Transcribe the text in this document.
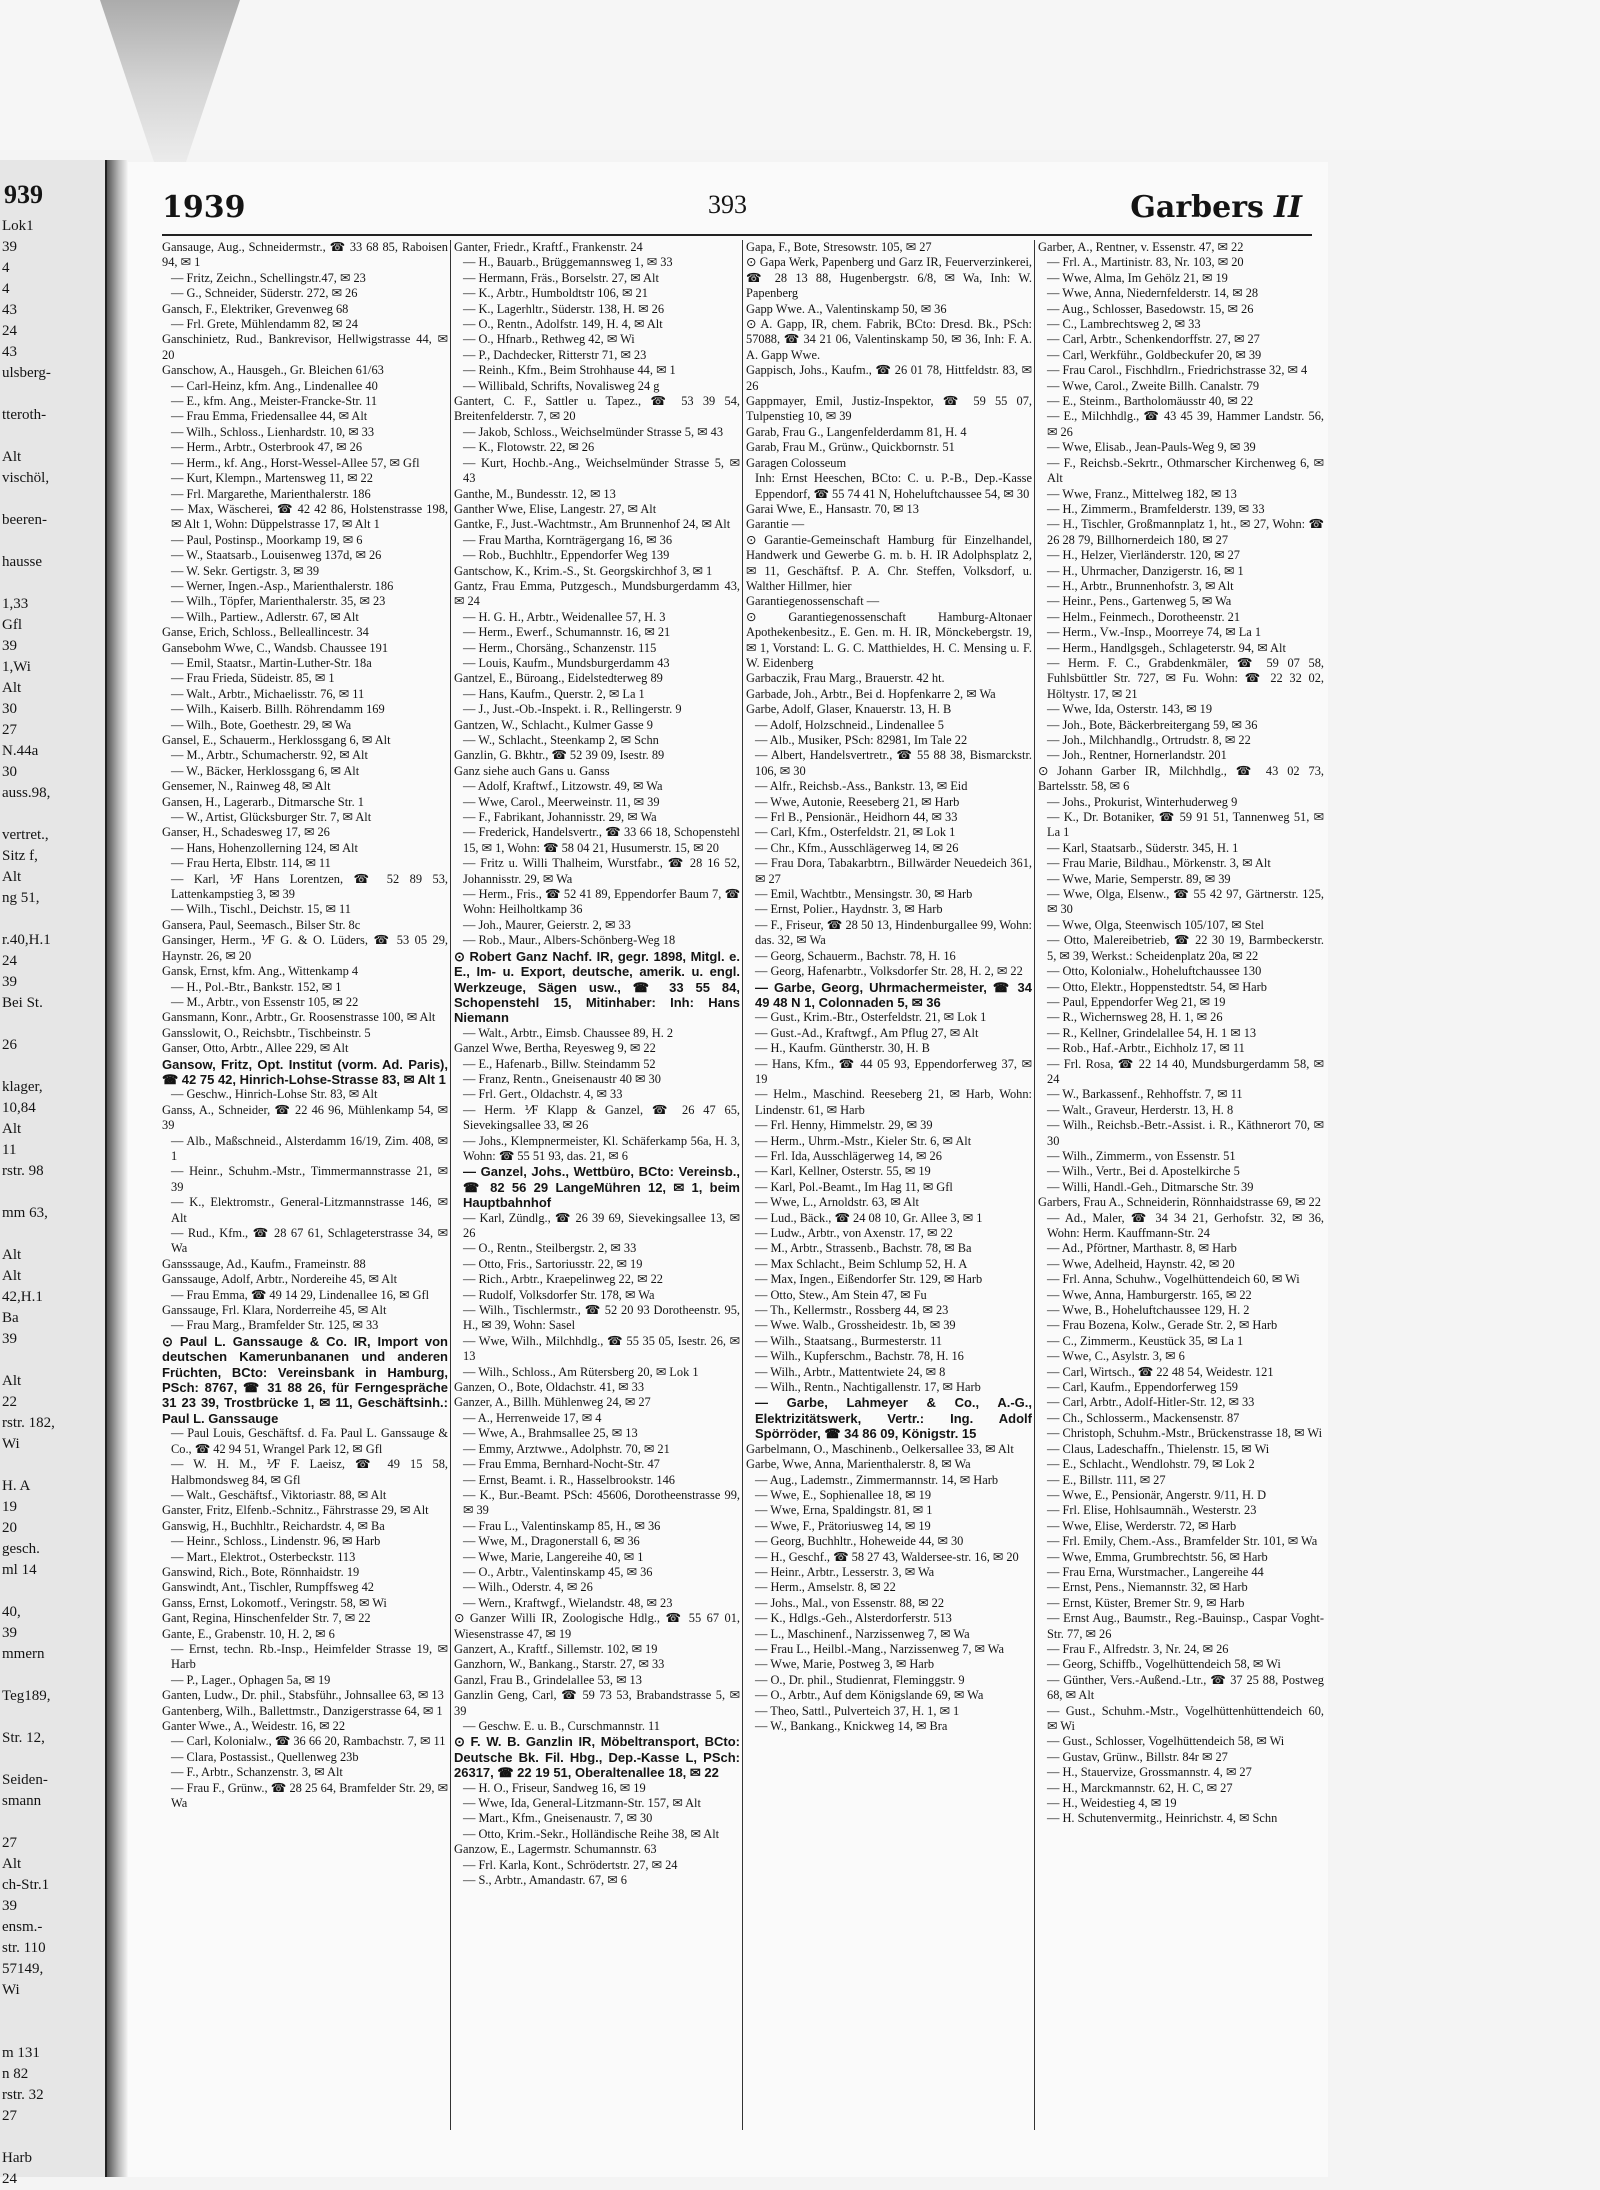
939
Lok1
39
4
4
43
24
43
ulsberg-
tteroth-
Alt
vischöl,
beeren-
hausse
1,33
Gfl
39
1,Wi
Alt
30
27
N.44a
30
auss.98,
vertret.,
Sitz f,
Alt
ng 51,
r.40,H.1
24
39
Bei St.
26
klager,
10,84
Alt
11
rstr. 98
mm 63,
Alt
Alt
42,H.1
Ba
39
Alt
22
rstr. 182,
Wi
H. A
19
20
gesch.
ml 14
40,
39
mmern
Teg189,
Str. 12,
Seiden-
smann
27
Alt
ch-Str.1
39
ensm.-
str. 110
57149,
Wi
m 131
n 82
rstr. 32
27
Harb
24
1939	393	Garbers II
Gansauge, Aug., Schneidermstr., ☎ 33 68 85, Raboisen 94, ✉ 1
— Fritz, Zeichn., Schellingstr.47, ✉ 23
— G., Schneider, Süderstr. 272, ✉ 26
Gansch, F., Elektriker, Grevenweg 68
— Frl. Grete, Mühlendamm 82, ✉ 24
Ganschinietz, Rud., Bankrevisor, Hellwigstrasse 44, ✉ 20
Ganschow, A., Hausgeh., Gr. Bleichen 61/63
— Carl-Heinz, kfm. Ang., Lindenallee 40
— E., kfm. Ang., Meister-Francke-Str. 11
— Frau Emma, Friedensallee 44, ✉ Alt
— Wilh., Schloss., Lienhardstr. 10, ✉ 33
— Herm., Arbtr., Osterbrook 47, ✉ 26
— Herm., kf. Ang., Horst-Wessel-Allee 57, ✉ Gfl
— Kurt, Klempn., Martensweg 11, ✉ 22
— Frl. Margarethe, Marienthalerstr. 186
— Max, Wäscherei, ☎ 42 42 86, Holstenstrasse 198, ✉ Alt 1, Wohn: Düppelstrasse 17, ✉ Alt 1
— Paul, Postinsp., Moorkamp 19, ✉ 6
— W., Staatsarb., Louisenweg 137d, ✉ 26
— W. Sekr. Gertigstr. 3, ✉ 39
— Werner, Ingen.-Asp., Marienthalerstr. 186
— Wilh., Töpfer, Marienthalerstr. 35, ✉ 23
— Wilh., Partiew., Adlerstr. 67, ✉ Alt
Ganse, Erich, Schloss., Belleallincestr. 34
Gansebohm Wwe, C., Wandsb. Chaussee 191
— Emil, Staatsr., Martin-Luther-Str. 18a
— Frau Frieda, Südeistr. 85, ✉ 1
— Walt., Arbtr., Michaelisstr. 76, ✉ 11
— Wilh., Kaiserb. Billh. Röhrendamm 169
— Wilh., Bote, Goethestr. 29, ✉ Wa
Gansel, E., Schauerm., Herklossgang 6, ✉ Alt
— M., Arbtr., Schumacherstr. 92, ✉ Alt
— W., Bäcker, Herklossgang 6, ✉ Alt
Gensemer, N., Rainweg 48, ✉ Alt
Gansen, H., Lagerarb., Ditmarsche Str. 1
— W., Artist, Glücksburger Str. 7, ✉ Alt
Ganser, H., Schadesweg 17, ✉ 26
— Hans, Hohenzollerning 124, ✉ Alt
— Frau Herta, Elbstr. 114, ✉ 11
— Karl, ⅟F Hans Lorentzen, ☎ 52 89 53, Lattenkampstieg 3, ✉ 39
— Wilh., Tischl., Deichstr. 15, ✉ 11
Gansera, Paul, Seemasch., Bilser Str. 8c
Gansinger, Herm., ⅟F G. & O. Lüders, ☎ 53 05 29, Haynstr. 26, ✉ 20
Gansk, Ernst, kfm. Ang., Wittenkamp 4
— H., Pol.-Btr., Bankstr. 152, ✉ 1
— M., Arbtr., von Essenstr 105, ✉ 22
Gansmann, Konr., Arbtr., Gr. Roosenstrasse 100, ✉ Alt
Gansslowit, O., Reichsbtr., Tischbeinstr. 5
Ganser, Otto, Arbtr., Allee 229, ✉ Alt
Gansow, Fritz, Opt. Institut (vorm. Ad. Paris), ☎ 42 75 42, Hinrich-Lohse-Strasse 83, ✉ Alt 1
— Geschw., Hinrich-Lohse Str. 83, ✉ Alt
Ganss, A., Schneider, ☎ 22 46 96, Mühlenkamp 54, ✉ 39
— Alb., Maßschneid., Alsterdamm 16/19, Zim. 408, ✉ 1
— Heinr., Schuhm.-Mstr., Timmermannstrasse 21, ✉ 39
— K., Elektromstr., General-Litzmannstrasse 146, ✉ Alt
— Rud., Kfm., ☎ 28 67 61, Schlageterstrasse 34, ✉ Wa
Gansssauge, Ad., Kaufm., Frameinstr. 88
Ganssauge, Adolf, Arbtr., Nordereihe 45, ✉ Alt
— Frau Emma, ☎ 49 14 29, Lindenallee 16, ✉ Gfl
Ganssauge, Frl. Klara, Norderreihe 45, ✉ Alt
— Frau Marg., Bramfelder Str. 125, ✉ 33
⊙ Paul L. Ganssauge & Co. IR, Import von deutschen Kamerunbananen und anderen Früchten, BCto: Vereinsbank in Hamburg, PSch: 8767, ☎ 31 88 26, für Ferngespräche 31 23 39, Trostbrücke 1, ✉ 11, Geschäftsinh.: Paul L. Ganssauge
— Paul Louis, Geschäftsf. d. Fa. Paul L. Ganssauge & Co., ☎ 42 94 51, Wrangel Park 12, ✉ Gfl
— W. H. M., ⅟F F. Laeisz, ☎ 49 15 58, Halbmondsweg 84, ✉ Gfl
— Walt., Geschäftsf., Viktoriastr. 88, ✉ Alt
Ganster, Fritz, Elfenb.-Schnitz., Fährstrasse 29, ✉ Alt
Ganswig, H., Buchhltr., Reichardstr. 4, ✉ Ba
— Heinr., Schloss., Lindenstr. 96, ✉ Harb
— Mart., Elektrot., Osterbeckstr. 113
Ganswind, Rich., Bote, Rönnhaidstr. 19
Ganswindt, Ant., Tischler, Rumpffsweg 42
Ganss, Ernst, Lokomotf., Veringstr. 58, ✉ Wi
Gant, Regina, Hinschenfelder Str. 7, ✉ 22
Gante, E., Grabenstr. 10, H. 2, ✉ 6
— Ernst, techn. Rb.-Insp., Heimfelder Strasse 19, ✉ Harb
— P., Lager., Ophagen 5a, ✉ 19
Ganten, Ludw., Dr. phil., Stabsführ., Johnsallee 63, ✉ 13
Gantenberg, Wilh., Ballettmstr., Danzigerstrasse 64, ✉ 1
Ganter Wwe., A., Weidestr. 16, ✉ 22
— Carl, Kolonialw., ☎ 36 66 20, Rambachstr. 7, ✉ 11
— Clara, Postassist., Quellenweg 23b
— F., Arbtr., Schanzenstr. 3, ✉ Alt
— Frau F., Grünw., ☎ 28 25 64, Bramfelder Str. 29, ✉ Wa
Ganter, Friedr., Kraftf., Frankenstr. 24
— H., Bauarb., Brüggemannsweg 1, ✉ 33
— Hermann, Fräs., Borselstr. 27, ✉ Alt
— K., Arbtr., Humboldtstr 106, ✉ 21
— K., Lagerhltr., Süderstr. 138, H. ✉ 26
— O., Rentn., Adolfstr. 149, H. 4, ✉ Alt
— O., Hfnarb., Rethweg 42, ✉ Wi
— P., Dachdecker, Ritterstr 71, ✉ 23
— Reinh., Kfm., Beim Strohhause 44, ✉ 1
— Willibald, Schrifts, Novalisweg 24 g
Gantert, C. F., Sattler u. Tapez., ☎ 53 39 54, Breitenfelderstr. 7, ✉ 20
— Jakob, Schloss., Weichselmünder Strasse 5, ✉ 43
— K., Flotowstr. 22, ✉ 26
— Kurt, Hochb.-Ang., Weichselmünder Strasse 5, ✉ 43
Ganthe, M., Bundesstr. 12, ✉ 13
Ganther Wwe, Elise, Langestr. 27, ✉ Alt
Gantke, F., Just.-Wachtmstr., Am Brunnenhof 24, ✉ Alt
— Frau Martha, Kornträgergang 16, ✉ 36
— Rob., Buchhltr., Eppendorfer Weg 139
Gantschow, K., Krim.-S., St. Georgskirchhof 3, ✉ 1
Gantz, Frau Emma, Putzgesch., Mundsburgerdamm 43, ✉ 24
— H. G. H., Arbtr., Weidenallee 57, H. 3
— Herm., Ewerf., Schumannstr. 16, ✉ 21
— Herm., Chorsäng., Schanzenstr. 115
— Louis, Kaufm., Mundsburgerdamm 43
Gantzel, E., Büroang., Eidelstedterweg 89
— Hans, Kaufm., Querstr. 2, ✉ La 1
— J., Just.-Ob.-Inspekt. i. R., Rellingerstr. 9
Gantzen, W., Schlacht., Kulmer Gasse 9
— W., Schlacht., Steenkamp 2, ✉ Schn
Ganzlin, G. Bkhtr., ☎ 52 39 09, Isestr. 89
Ganz siehe auch Gans u. Ganss
— Adolf, Kraftwf., Litzowstr. 49, ✉ Wa
— Wwe, Carol., Meerweinstr. 11, ✉ 39
— F., Fabrikant, Johannisstr. 29, ✉ Wa
— Frederick, Handelsvertr., ☎ 33 66 18, Schopenstehl 15, ✉ 1, Wohn: ☎ 58 04 21, Husumerstr. 15, ✉ 20
— Fritz u. Willi Thalheim, Wurstfabr., ☎ 28 16 52, Johannisstr. 29, ✉ Wa
— Herm., Fris., ☎ 52 41 89, Eppendorfer Baum 7, ☎ Wohn: Heilholtkamp 36
— Joh., Maurer, Geierstr. 2, ✉ 33
— Rob., Maur., Albers-Schönberg-Weg 18
⊙ Robert Ganz Nachf. IR, gegr. 1898, Mitgl. e. E., Im- u. Export, deutsche, amerik. u. engl. Werkzeuge, Sägen usw., ☎ 33 55 84, Schopenstehl 15, Mitinhaber: Inh: Hans Niemann
— Walt., Arbtr., Eimsb. Chaussee 89, H. 2
Ganzel Wwe, Bertha, Reyesweg 9, ✉ 22
— E., Hafenarb., Billw. Steindamm 52
— Franz, Rentn., Gneisenaustr 40 ✉ 30
— Frl. Gert., Oldachstr. 4, ✉ 33
— Herm. ⅟F Klapp & Ganzel, ☎ 26 47 65, Sievekingsallee 33, ✉ 26
— Johs., Klempnermeister, Kl. Schäferkamp 56a, H. 3, Wohn: ☎ 55 51 93, das. 21, ✉ 6
— Ganzel, Johs., Wettbüro, BCto: Vereinsb., ☎ 82 56 29 LangeMühren 12, ✉ 1, beim Hauptbahnhof
— Karl, Zündlg., ☎ 26 39 69, Sievekingsallee 13, ✉ 26
— O., Rentn., Steilbergstr. 2, ✉ 33
— Otto, Fris., Sartoriusstr. 22, ✉ 19
— Rich., Arbtr., Kraepelinweg 22, ✉ 22
— Rudolf, Volksdorfer Str. 178, ✉ Wa
— Wilh., Tischlermstr., ☎ 52 20 93 Dorotheenstr. 95, H., ✉ 39, Wohn: Sasel
— Wwe, Wilh., Milchhdlg., ☎ 55 35 05, Isestr. 26, ✉ 13
— Wilh., Schloss., Am Rütersberg 20, ✉ Lok 1
Ganzen, O., Bote, Oldachstr. 41, ✉ 33
Ganzer, A., Billh. Mühlenweg 24, ✉ 27
— A., Herrenweide 17, ✉ 4
— Wwe, A., Brahmsallee 25, ✉ 13
— Emmy, Arztwwe., Adolphstr. 70, ✉ 21
— Frau Emma, Bernhard-Nocht-Str. 47
— Ernst, Beamt. i. R., Hasselbrookstr. 146
— K., Bur.-Beamt. PSch: 45606, Dorotheenstrasse 99, ✉ 39
— Frau L., Valentinskamp 85, H., ✉ 36
— Wwe, M., Dragonerstall 6, ✉ 36
— Wwe, Marie, Langereihe 40, ✉ 1
— O., Arbtr., Valentinskamp 45, ✉ 36
— Wilh., Oderstr. 4, ✉ 26
— Wern., Kraftwgf., Wielandstr. 48, ✉ 23
⊙ Ganzer Willi IR, Zoologische Hdlg., ☎ 55 67 01, Wiesenstrasse 47, ✉ 19
Ganzert, A., Kraftf., Sillemstr. 102, ✉ 19
Ganzhorn, W., Bankang., Starstr. 27, ✉ 33
Ganzl, Frau B., Grindelallee 53, ✉ 13
Ganzlin Geng, Carl, ☎ 59 73 53, Brabandstrasse 5, ✉ 39
— Geschw. E. u. B., Curschmannstr. 11
⊙ F. W. B. Ganzlin IR, Möbeltransport, BCto: Deutsche Bk. Fil. Hbg., Dep.-Kasse L, PSch: 26317, ☎ 22 19 51, Oberaltenallee 18, ✉ 22
— H. O., Friseur, Sandweg 16, ✉ 19
— Wwe, Ida, General-Litzmann-Str. 157, ✉ Alt
— Mart., Kfm., Gneisenaustr. 7, ✉ 30
— Otto, Krim.-Sekr., Holländische Reihe 38, ✉ Alt
Ganzow, E., Lagermstr. Schumannstr. 63
— Frl. Karla, Kont., Schrödertstr. 27, ✉ 24
— S., Arbtr., Amandastr. 67, ✉ 6
Gapa, F., Bote, Stresowstr. 105, ✉ 27
⊙ Gapa Werk, Papenberg und Garz IR, Feuerverzinkerei, ☎ 28 13 88, Hugenbergstr. 6/8, ✉ Wa, Inh: W. Papenberg
Gapp Wwe. A., Valentinskamp 50, ✉ 36
⊙ A. Gapp, IR, chem. Fabrik, BCto: Dresd. Bk., PSch: 57088, ☎ 34 21 06, Valentinskamp 50, ✉ 36, Inh: F. A. A. Gapp Wwe.
Gappisch, Johs., Kaufm., ☎ 26 01 78, Hittfeldstr. 83, ✉ 26
Gappmayer, Emil, Justiz-Inspektor, ☎ 59 55 07, Tulpenstieg 10, ✉ 39
Garab, Frau G., Langenfelderdamm 81, H. 4
Garab, Frau M., Grünw., Quickbornstr. 51
Garagen Colosseum
Inh: Ernst Heeschen, BCto: C. u. P.-B., Dep.-Kasse Eppendorf, ☎ 55 74 41 N, Hoheluftchaussee 54, ✉ 30
Garai Wwe, E., Hansastr. 70, ✉ 13
Garantie —
⊙ Garantie-Gemeinschaft Hamburg für Einzelhandel, Handwerk und Gewerbe G. m. b. H. IR Adolphsplatz 2, ✉ 11, Geschäftsf. P. A. Chr. Steffen, Volksdorf, u. Walther Hillmer, hier
Garantiegenossenschaft —
⊙ Garantiegenossenschaft Hamburg-Altonaer Apothekenbesitz., E. Gen. m. H. IR, Mönckebergstr. 19, ✉ 1, Vorstand: L. G. C. Matthieldes, H. C. Mensing u. F. W. Eidenberg
Garbaczik, Frau Marg., Brauerstr. 42 ht.
Garbade, Joh., Arbtr., Bei d. Hopfenkarre 2, ✉ Wa
Garbe, Adolf, Glaser, Knauerstr. 13, H. B
— Adolf, Holzschneid., Lindenallee 5
— Alb., Musiker, PSch: 82981, Im Tale 22
— Albert, Handelsvertretr., ☎ 55 88 38, Bismarckstr. 106, ✉ 30
— Alfr., Reichsb.-Ass., Bankstr. 13, ✉ Eid
— Wwe, Autonie, Reeseberg 21, ✉ Harb
— Frl B., Pensionär., Heidhorn 44, ✉ 33
— Carl, Kfm., Osterfeldstr. 21, ✉ Lok 1
— Chr., Kfm., Ausschlägerweg 14, ✉ 26
— Frau Dora, Tabakarbtrn., Billwärder Neuedeich 361, ✉ 27
— Emil, Wachtbtr., Mensingstr. 30, ✉ Harb
— Ernst, Polier., Haydnstr. 3, ✉ Harb
— F., Friseur, ☎ 28 50 13, Hindenburgallee 99, Wohn: das. 32, ✉ Wa
— Georg, Schauerm., Bachstr. 78, H. 16
— Georg, Hafenarbtr., Volksdorfer Str. 28, H. 2, ✉ 22
— Garbe, Georg, Uhrmachermeister, ☎ 34 49 48 N 1, Colonnaden 5, ✉ 36
— Gust., Krim.-Btr., Osterfeldstr. 21, ✉ Lok 1
— Gust.-Ad., Kraftwgf., Am Pflug 27, ✉ Alt
— H., Kaufm. Güntherstr. 30, H. B
— Hans, Kfm., ☎ 44 05 93, Eppendorferweg 37, ✉ 19
— Helm., Maschind. Reeseberg 21, ✉ Harb, Wohn: Lindenstr. 61, ✉ Harb
— Frl. Henny, Himmelstr. 29, ✉ 39
— Herm., Uhrm.-Mstr., Kieler Str. 6, ✉ Alt
— Frl. Ida, Ausschlägerweg 14, ✉ 26
— Karl, Kellner, Osterstr. 55, ✉ 19
— Karl, Pol.-Beamt., Im Hag 11, ✉ Gfl
— Wwe, L., Arnoldstr. 63, ✉ Alt
— Lud., Bäck., ☎ 24 08 10, Gr. Allee 3, ✉ 1
— Ludw., Arbtr., von Axenstr. 17, ✉ 22
— M., Arbtr., Strassenb., Bachstr. 78, ✉ Ba
— Max Schlacht., Beim Schlump 52, H. A
— Max, Ingen., Eißendorfer Str. 129, ✉ Harb
— Otto, Stew., Am Stein 47, ✉ Fu
— Th., Kellermstr., Rossberg 44, ✉ 23
— Wwe. Walb., Grossheidestr. 1b, ✉ 39
— Wilh., Staatsang., Burmesterstr. 11
— Wilh., Kupferschm., Bachstr. 78, H. 16
— Wilh., Arbtr., Mattentwiete 24, ✉ 8
— Wilh., Rentn., Nachtigallenstr. 17, ✉ Harb
— Garbe, Lahmeyer & Co., A.-G., Elektrizitätswerk, Vertr.: Ing. Adolf Spörröder, ☎ 34 86 09, Königstr. 15
Garbelmann, O., Maschinenb., Oelkersallee 33, ✉ Alt
Garbe, Wwe, Anna, Marienthalerstr. 8, ✉ Wa
— Aug., Lademstr., Zimmermannstr. 14, ✉ Harb
— Wwe, E., Sophienallee 18, ✉ 19
— Wwe, Erna, Spaldingstr. 81, ✉ 1
— Wwe, F., Prätoriusweg 14, ✉ 19
— Georg, Buchhltr., Hoheweide 44, ✉ 30
— H., Geschf., ☎ 58 27 43, Waldersee-str. 16, ✉ 20
— Heinr., Arbtr., Lesserstr. 3, ✉ Wa
— Herm., Amselstr. 8, ✉ 22
— Johs., Mal., von Essenstr. 88, ✉ 22
— K., Hdlgs.-Geh., Alsterdorferstr. 513
— L., Maschinenf., Narzissenweg 7, ✉ Wa
— Frau L., Heilbl.-Mang., Narzissenweg 7, ✉ Wa
— Wwe, Marie, Postweg 3, ✉ Harb
— O., Dr. phil., Studienrat, Fleminggstr. 9
— O., Arbtr., Auf dem Königslande 69, ✉ Wa
— Theo, Sattl., Pulverteich 37, H. 1, ✉ 1
— W., Bankang., Knickweg 14, ✉ Bra
Garber, A., Rentner, v. Essenstr. 47, ✉ 22
— Frl. A., Martinistr. 83, Nr. 103, ✉ 20
— Wwe, Alma, Im Gehölz 21, ✉ 19
— Wwe, Anna, Niedernfelderstr. 14, ✉ 28
— Aug., Schlosser, Basedowstr. 15, ✉ 26
— C., Lambrechtsweg 2, ✉ 33
— Carl, Arbtr., Schenkendorffstr. 27, ✉ 27
— Carl, Werkführ., Goldbeckufer 20, ✉ 39
— Frau Carol., Fischhdlrn., Friedrichstrasse 32, ✉ 4
— Wwe, Carol., Zweite Billh. Canalstr. 79
— E., Steinm., Bartholomäusstr 40, ✉ 22
— E., Milchhdlg., ☎ 43 45 39, Hammer Landstr. 56, ✉ 26
— Wwe, Elisab., Jean-Pauls-Weg 9, ✉ 39
— F., Reichsb.-Sekrtr., Othmarscher Kirchenweg 6, ✉ Alt
— Wwe, Franz., Mittelweg 182, ✉ 13
— H., Zimmerm., Bramfelderstr. 139, ✉ 33
— H., Tischler, Großmannplatz 1, ht., ✉ 27, Wohn: ☎ 26 28 79, Billhornerdeich 180, ✉ 27
— H., Helzer, Vierländerstr. 120, ✉ 27
— H., Uhrmacher, Danzigerstr. 16, ✉ 1
— H., Arbtr., Brunnenhofstr. 3, ✉ Alt
— Heinr., Pens., Gartenweg 5, ✉ Wa
— Helm., Feinmech., Dorotheenstr. 21
— Herm., Vw.-Insp., Moorreye 74, ✉ La 1
— Herm., Handlgsgeh., Schlageterstr. 94, ✉ Alt
— Herm. F. C., Grabdenkmäler, ☎ 59 07 58, Fuhlsbüttler Str. 727, ✉ Fu. Wohn: ☎ 22 32 02, Höltystr. 17, ✉ 21
— Wwe, Ida, Osterstr. 143, ✉ 19
— Joh., Bote, Bäckerbreitergang 59, ✉ 36
— Joh., Milchhandlg., Ortrudstr. 8, ✉ 22
— Joh., Rentner, Hornerlandstr. 201
⊙ Johann Garber IR, Milchhdlg., ☎ 43 02 73, Bartelsstr. 58, ✉ 6
— Johs., Prokurist, Winterhuderweg 9
— K., Dr. Botaniker, ☎ 59 91 51, Tannenweg 51, ✉ La 1
— Karl, Staatsarb., Süderstr. 345, H. 1
— Frau Marie, Bildhau., Mörkenstr. 3, ✉ Alt
— Wwe, Marie, Semperstr. 89, ✉ 39
— Wwe, Olga, Elsenw., ☎ 55 42 97, Gärtnerstr. 125, ✉ 30
— Wwe, Olga, Steenwisch 105/107, ✉ Stel
— Otto, Malereibetrieb, ☎ 22 30 19, Barmbeckerstr. 5, ✉ 39, Werkst.: Scheidenplatz 20a, ✉ 22
— Otto, Kolonialw., Hoheluftchaussee 130
— Otto, Elektr., Hoppenstedtstr. 54, ✉ Harb
— Paul, Eppendorfer Weg 21, ✉ 19
— R., Wichernsweg 28, H. 1, ✉ 26
— R., Kellner, Grindelallee 54, H. 1 ✉ 13
— Rob., Haf.-Arbtr., Eichholz 17, ✉ 11
— Frl. Rosa, ☎ 22 14 40, Mundsburgerdamm 58, ✉ 24
— W., Barkassenf., Rehhoffstr. 7, ✉ 11
— Walt., Graveur, Herderstr. 13, H. 8
— Wilh., Reichsb.-Betr.-Assist. i. R., Käthnerort 70, ✉ 30
— Wilh., Zimmerm., von Essenstr. 51
— Wilh., Vertr., Bei d. Apostelkirche 5
— Willi, Handl.-Geh., Ditmarsche Str. 39
Garbers, Frau A., Schneiderin, Rönnhaidstrasse 69, ✉ 22
— Ad., Maler, ☎ 34 34 21, Gerhofstr. 32, ✉ 36, Wohn: Herm. Kauffmann-Str. 24
— Ad., Pförtner, Marthastr. 8, ✉ Harb
— Wwe, Adelheid, Haynstr. 42, ✉ 20
— Frl. Anna, Schuhw., Vogelhüttendeich 60, ✉ Wi
— Wwe, Anna, Hamburgerstr. 165, ✉ 22
— Wwe, B., Hoheluftchaussee 129, H. 2
— Frau Bozena, Kolw., Gerade Str. 2, ✉ Harb
— C., Zimmerm., Keustück 35, ✉ La 1
— Wwe, C., Asylstr. 3, ✉ 6
— Carl, Wirtsch., ☎ 22 48 54, Weidestr. 121
— Carl, Kaufm., Eppendorferweg 159
— Carl, Arbtr., Adolf-Hitler-Str. 12, ✉ 33
— Ch., Schlosserm., Mackensenstr. 87
— Christoph, Schuhm.-Mstr., Brückenstrasse 18, ✉ Wi
— Claus, Ladeschaffn., Thielenstr. 15, ✉ Wi
— E., Schlacht., Wendlohstr. 79, ✉ Lok 2
— E., Billstr. 111, ✉ 27
— Wwe, E., Pensionär, Angerstr. 9/11, H. D
— Frl. Elise, Hohlsaumnäh., Westerstr. 23
— Wwe, Elise, Werderstr. 72, ✉ Harb
— Frl. Emily, Chem.-Ass., Bramfelder Str. 101, ✉ Wa
— Wwe, Emma, Grumbrechtstr. 56, ✉ Harb
— Frau Erna, Wurstmacher., Langereihe 44
— Ernst, Pens., Niemannstr. 32, ✉ Harb
— Ernst, Küster, Bremer Str. 9, ✉ Harb
— Ernst Aug., Baumstr., Reg.-Bauinsp., Caspar Voght-Str. 77, ✉ 26
— Frau F., Alfredstr. 3, Nr. 24, ✉ 26
— Georg, Schiffb., Vogelhüttendeich 58, ✉ Wi
— Günther, Vers.-Außend.-Ltr., ☎ 37 25 88, Postweg 68, ✉ Alt
— Gust., Schuhm.-Mstr., Vogelhüttenhüttendeich 60, ✉ Wi
— Gust., Schlosser, Vogelhüttendeich 58, ✉ Wi
— Gustav, Grünw., Billstr. 84r ✉ 27
— H., Stauervize, Grossmannstr. 4, ✉ 27
— H., Marckmannstr. 62, H. C, ✉ 27
— H., Weidestieg 4, ✉ 19
— H. Schutenvermitg., Heinrichstr. 4, ✉ Schn
